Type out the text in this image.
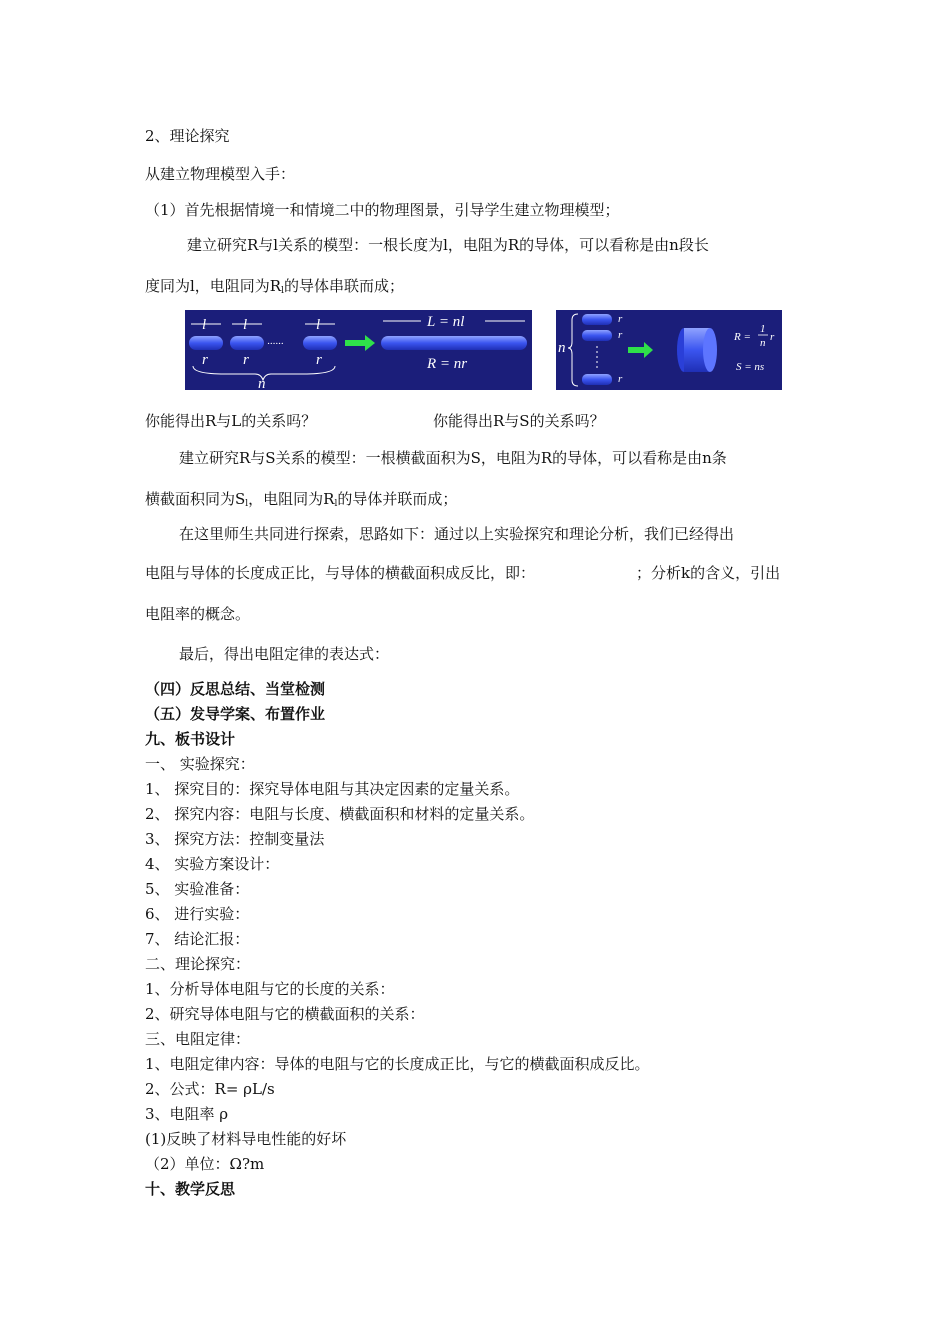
2、理论探究
从建立物理模型入手：
（1）首先根据情境一和情境二中的物理图景，引导学生建立物理模型；
建立研究R与l关系的模型：一根长度为l，电阻为R的导体，可以看称是由n段长
度同为l，电阻同为$R_l$的导体串联而成；
l l	l
r r	r
······
n
L = nl
R = nr
n
r
r
r
R =
1
n r
S = ns
你能得出R与L的关系吗？	你能得出R与S的关系吗？
建立研究R与S关系的模型：一根横截面积为S，电阻为R的导体，可以看称是由n条
横截面积同为$S_l$，电阻同为$R_l$的导体并联而成；
在这里师生共同进行探索，思路如下：通过以上实验探究和理论分析，我们已经得出
电阻与导体的长度成正比，与导体的横截面积成反比，即：	；分析k的含义，引出
电阻率的概念。
最后，得出电阻定律的表达式：
（四）反思总结、当堂检测
（五）发导学案、布置作业
九、板书设计
一、 实验探究：
1、 探究目的：探究导体电阻与其决定因素的定量关系。
2、 探究内容：电阻与长度、横截面积和材料的定量关系。
3、 探究方法：控制变量法
4、 实验方案设计：
5、 实验准备：
6、 进行实验：
7、 结论汇报：
二、理论探究：
1、分析导体电阻与它的长度的关系：
2、研究导体电阻与它的横截面积的关系：
三、电阻定律：
1、电阻定律内容：导体的电阻与它的长度成正比，与它的横截面积成反比。
2、公式：R= ρL/s
3、电阻率 ρ
(1)反映了材料导电性能的好坏
（2）单位：Ω?m
十、教学反思
